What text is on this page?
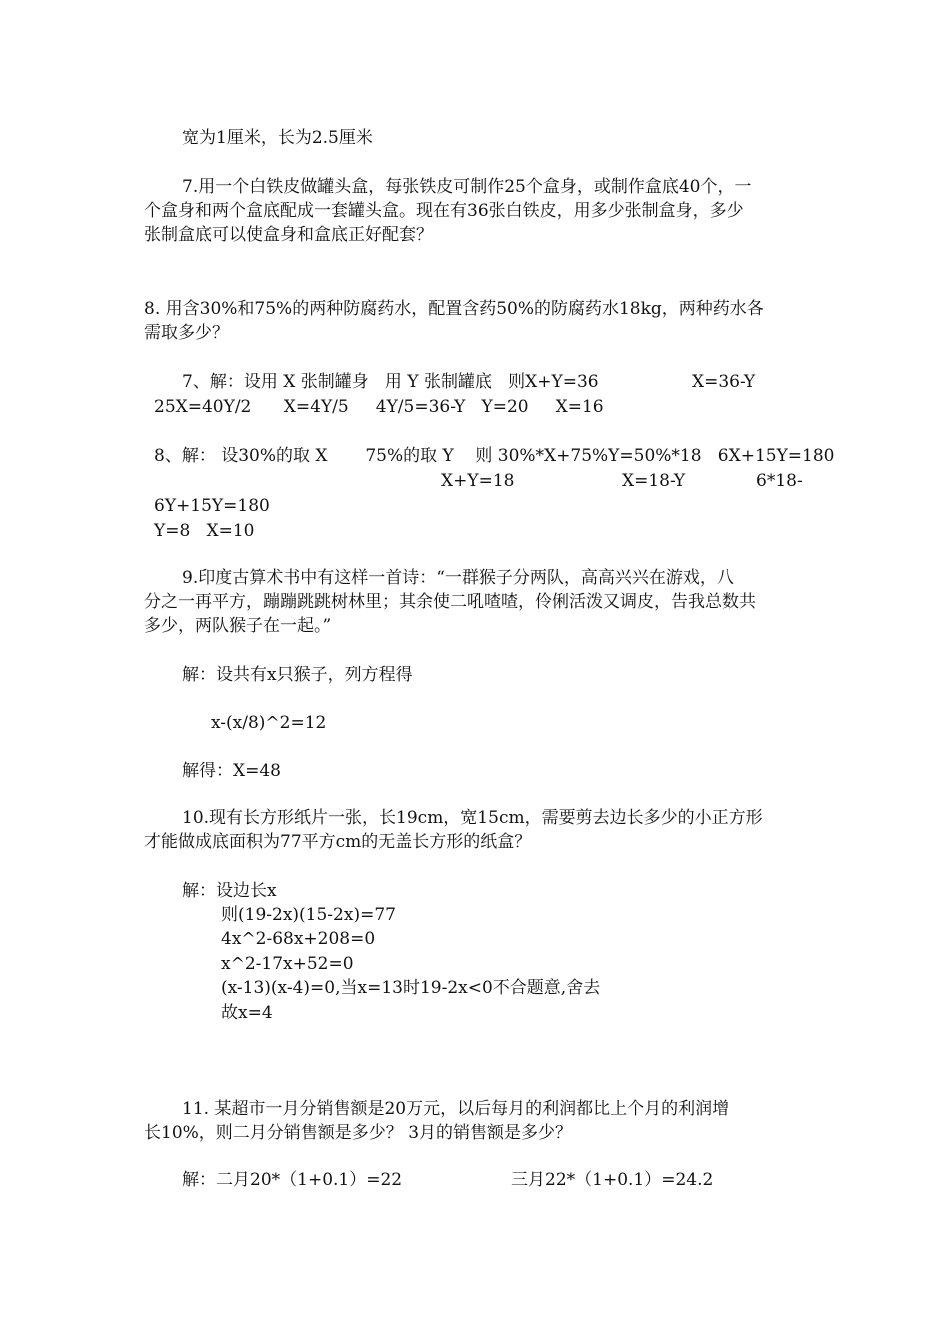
宽为1厘米，长为2.5厘米
7.用一个白铁皮做罐头盒，每张铁皮可制作25个盒身，或制作盒底40个，一
个盒身和两个盒底配成一套罐头盒。现在有36张白铁皮，用多少张制盒身，多少
张制盒底可以使盒身和盒底正好配套？
8. 用含30%和75%的两种防腐药水，配置含药50%的防腐药水18kg，两种药水各
需取多少？
7、解：设用 X 张制罐身   用 Y 张制罐底   则X+Y=36	X=36-Y
25X=40Y/2      X=4Y/5     4Y/5=36-Y   Y=20     X=16
8、解： 设30%的取 X       75%的取 Y    则 30%*X+75%Y=50%*18   6X+15Y=180
X+Y=18	X=18-Y	6*18-
6Y+15Y=180
Y=8   X=10
9.印度古算术书中有这样一首诗：“一群猴子分两队，高高兴兴在游戏，八
分之一再平方，蹦蹦跳跳树林里；其余使二吼喳喳，伶俐活泼又调皮，告我总数共
多少，两队猴子在一起。”
解：设共有x只猴子，列方程得
x-(x/8)^2=12
解得：X=48
10.现有长方形纸片一张，长19cm，宽15cm，需要剪去边长多少的小正方形
才能做成底面积为77平方cm的无盖长方形的纸盒？
解：设边长x
则(19-2x)(15-2x)=77
4x^2-68x+208=0
x^2-17x+52=0
(x-13)(x-4)=0,当x=13时19-2x<0不合题意,舍去
故x=4
11. 某超市一月分销售额是20万元，以后每月的利润都比上个月的利润增
长10%，则二月分销售额是多少？ 3月的销售额是多少？
解：二月20*（1+0.1）=22	三月22*（1+0.1）=24.2
